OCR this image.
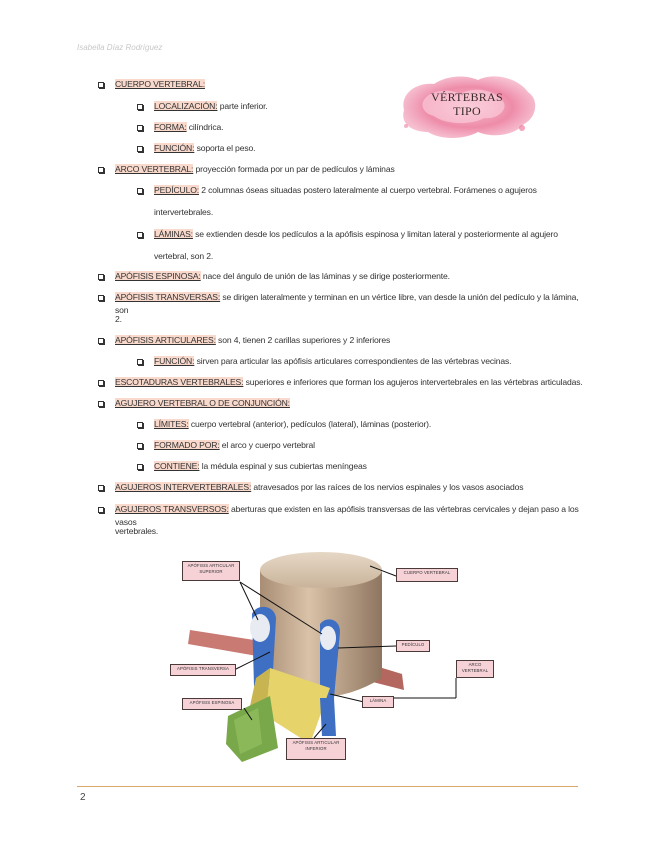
Isabella Díaz Rodríguez
VÉRTEBRAS
TIPO
CUERPO VERTEBRAL:
LOCALIZACIÓN: parte inferior.
FORMA: cilíndrica.
FUNCIÓN: soporta el peso.
ARCO VERTEBRAL: proyección formada por un par de pedículos y láminas
PEDÍCULO: 2 columnas óseas situadas postero lateralmente al cuerpo vertebral. Forámenes o agujeros
intervertebrales.
LÁMINAS: se extienden desde los pedículos a la apófisis espinosa y limitan lateral y posteriormente al agujero
vertebral, son 2.
APÓFISIS ESPINOSA: nace del ángulo de unión de las láminas y se dirige posteriormente.
APÓFISIS TRANSVERSAS: se dirigen lateralmente y terminan en un vértice libre, van desde la unión del pedículo y la lámina, son
2.
APÓFISIS ARTICULARES: son 4, tienen 2 carillas superiores y 2 inferiores
FUNCIÓN: sirven para articular las apófisis articulares correspondientes de las vértebras vecinas.
ESCOTADURAS VERTEBRALES: superiores e inferiores que forman los agujeros intervertebrales en las vértebras articuladas.
AGUJERO VERTEBRAL O DE CONJUNCIÓN:
LÍMITES: cuerpo vertebral (anterior), pedículos (lateral), láminas (posterior).
FORMADO POR: el arco y cuerpo vertebral
CONTIENE: la médula espinal y sus cubiertas meníngeas
AGUJEROS INTERVERTEBRALES: atravesados por las raíces de los nervios espinales y los vasos asociados
AGUJEROS TRANSVERSOS: aberturas que existen en las apófisis transversas de las vértebras cervicales y dejan paso a los vasos
vertebrales.
APÓFISIS ARTICULAR SUPERIOR	CUERPO VERTEBRAL
PEDÍCULO
ARCO VERTEBRAL
APÓFISIS TRANSVERSA
LÁMINA
APÓFISIS ESPINOSA
APÓFISIS ARTICULAR INFERIOR
2
